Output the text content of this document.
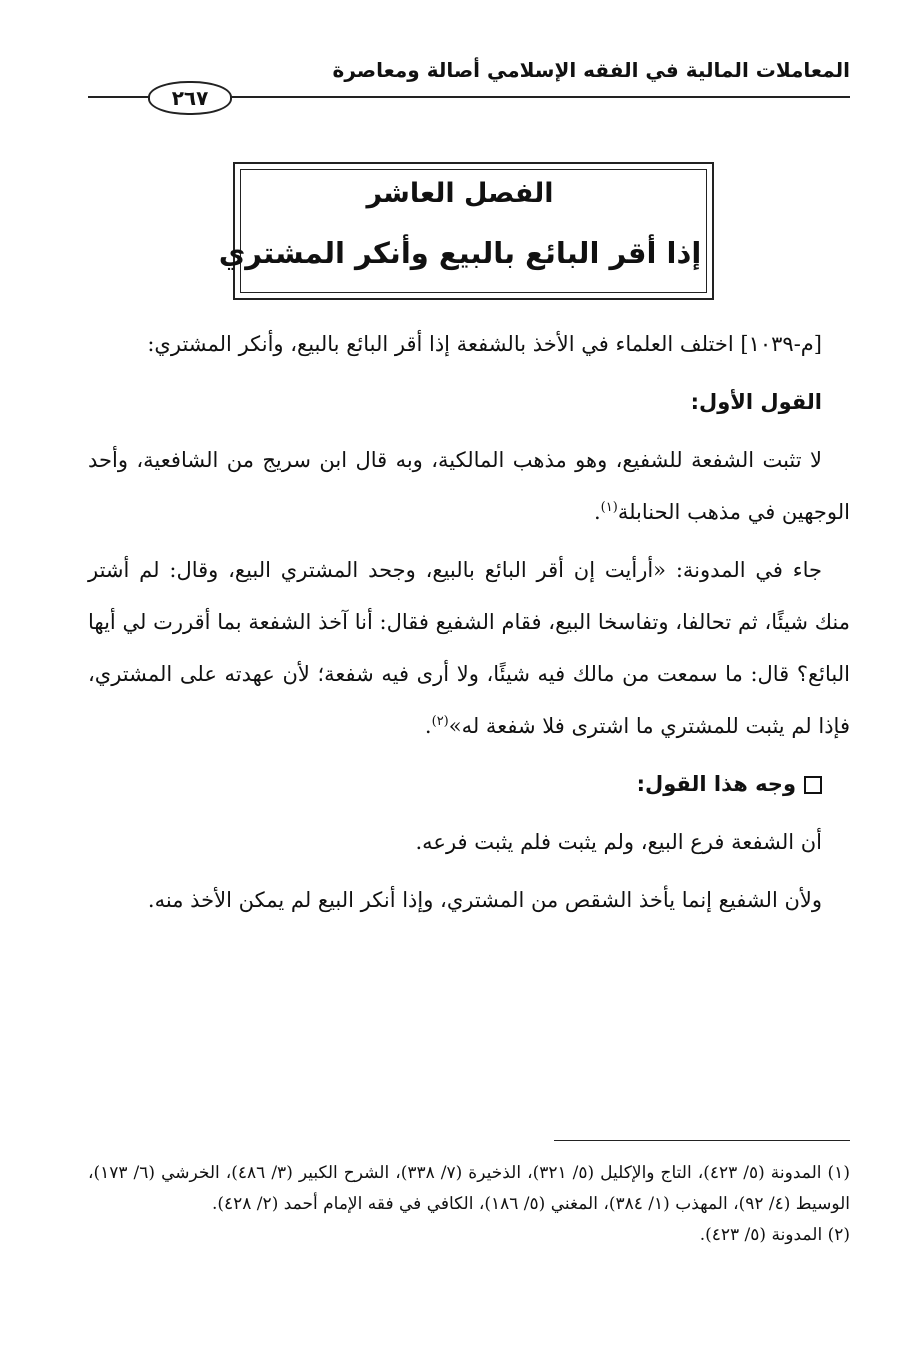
المعاملات المالية في الفقه الإسلامي أصالة ومعاصرة
٢٦٧
الفصل العاشر
إذا أقر البائع بالبيع وأنكر المشتري

[م-١٠٣٩] اختلف العلماء في الأخذ بالشفعة إذا أقر البائع بالبيع، وأنكر المشتري:

القول الأول:

لا تثبت الشفعة للشفيع، وهو مذهب المالكية، وبه قال ابن سريج من الشافعية، وأحد الوجهين في مذهب الحنابلة$^{(١)}$.

جاء في المدونة: «أرأيت إن أقر البائع بالبيع، وجحد المشتري البيع، وقال: لم أشتر منك شيئًا، ثم تحالفا، وتفاسخا البيع، فقام الشفيع فقال: أنا آخذ الشفعة بما أقررت لي أيها البائع؟ قال: ما سمعت من مالك فيه شيئًا، ولا أرى فيه شفعة؛ لأن عهدته على المشتري، فإذا لم يثبت للمشتري ما اشترى فلا شفعة له»$^{(٢)}$.

وجه هذا القول:

أن الشفعة فرع البيع، ولم يثبت فلم يثبت فرعه.

ولأن الشفيع إنما يأخذ الشقص من المشتري، وإذا أنكر البيع لم يمكن الأخذ منه.

(١) المدونة (٥/ ٤٢٣)، التاج والإكليل (٥/ ٣٢١)، الذخيرة (٧/ ٣٣٨)، الشرح الكبير (٣/ ٤٨٦)، الخرشي (٦/ ١٧٣)، الوسيط (٤/ ٩٢)، المهذب (١/ ٣٨٤)، المغني (٥/ ١٨٦)، الكافي في فقه الإمام أحمد (٢/ ٤٢٨).

(٢) المدونة (٥/ ٤٢٣).
